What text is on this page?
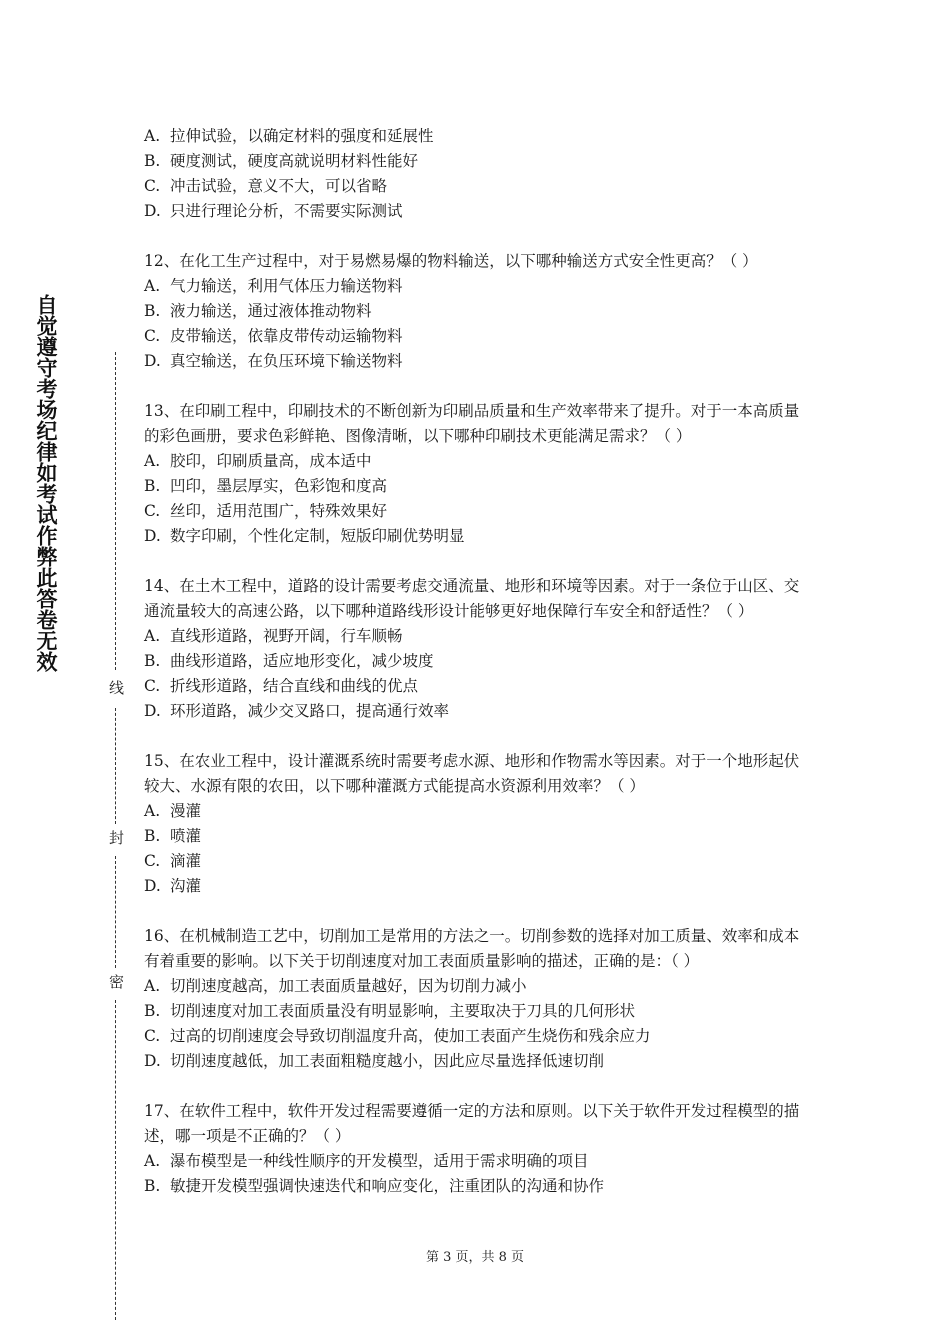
自觉遵守考场纪律如考试作弊此答卷无效
线
封
密

A. 拉伸试验，以确定材料的强度和延展性

B. 硬度测试，硬度高就说明材料性能好

C. 冲击试验，意义不大，可以省略

D. 只进行理论分析，不需要实际测试

12、在化工生产过程中，对于易燃易爆的物料输送，以下哪种输送方式安全性更高？（ ）

A. 气力输送，利用气体压力输送物料

B. 液力输送，通过液体推动物料

C. 皮带输送，依靠皮带传动运输物料

D. 真空输送，在负压环境下输送物料

13、在印刷工程中，印刷技术的不断创新为印刷品质量和生产效率带来了提升。对于一本高质量的彩色画册，要求色彩鲜艳、图像清晰，以下哪种印刷技术更能满足需求？（ ）

A. 胶印，印刷质量高，成本适中

B. 凹印，墨层厚实，色彩饱和度高

C. 丝印，适用范围广，特殊效果好

D. 数字印刷，个性化定制，短版印刷优势明显

14、在土木工程中，道路的设计需要考虑交通流量、地形和环境等因素。对于一条位于山区、交通流量较大的高速公路，以下哪种道路线形设计能够更好地保障行车安全和舒适性？（ ）

A. 直线形道路，视野开阔，行车顺畅

B. 曲线形道路，适应地形变化，减少坡度

C. 折线形道路，结合直线和曲线的优点

D. 环形道路，减少交叉路口，提高通行效率

15、在农业工程中，设计灌溉系统时需要考虑水源、地形和作物需水等因素。对于一个地形起伏较大、水源有限的农田，以下哪种灌溉方式能提高水资源利用效率？（ ）

A. 漫灌

B. 喷灌

C. 滴灌

D. 沟灌

16、在机械制造工艺中，切削加工是常用的方法之一。切削参数的选择对加工质量、效率和成本有着重要的影响。以下关于切削速度对加工表面质量影响的描述，正确的是：（ ）

A. 切削速度越高，加工表面质量越好，因为切削力减小

B. 切削速度对加工表面质量没有明显影响，主要取决于刀具的几何形状

C. 过高的切削速度会导致切削温度升高，使加工表面产生烧伤和残余应力

D. 切削速度越低，加工表面粗糙度越小，因此应尽量选择低速切削

17、在软件工程中，软件开发过程需要遵循一定的方法和原则。以下关于软件开发过程模型的描述，哪一项是不正确的？（ ）

A. 瀑布模型是一种线性顺序的开发模型，适用于需求明确的项目

B. 敏捷开发模型强调快速迭代和响应变化，注重团队的沟通和协作

第 3 页，共 8 页
